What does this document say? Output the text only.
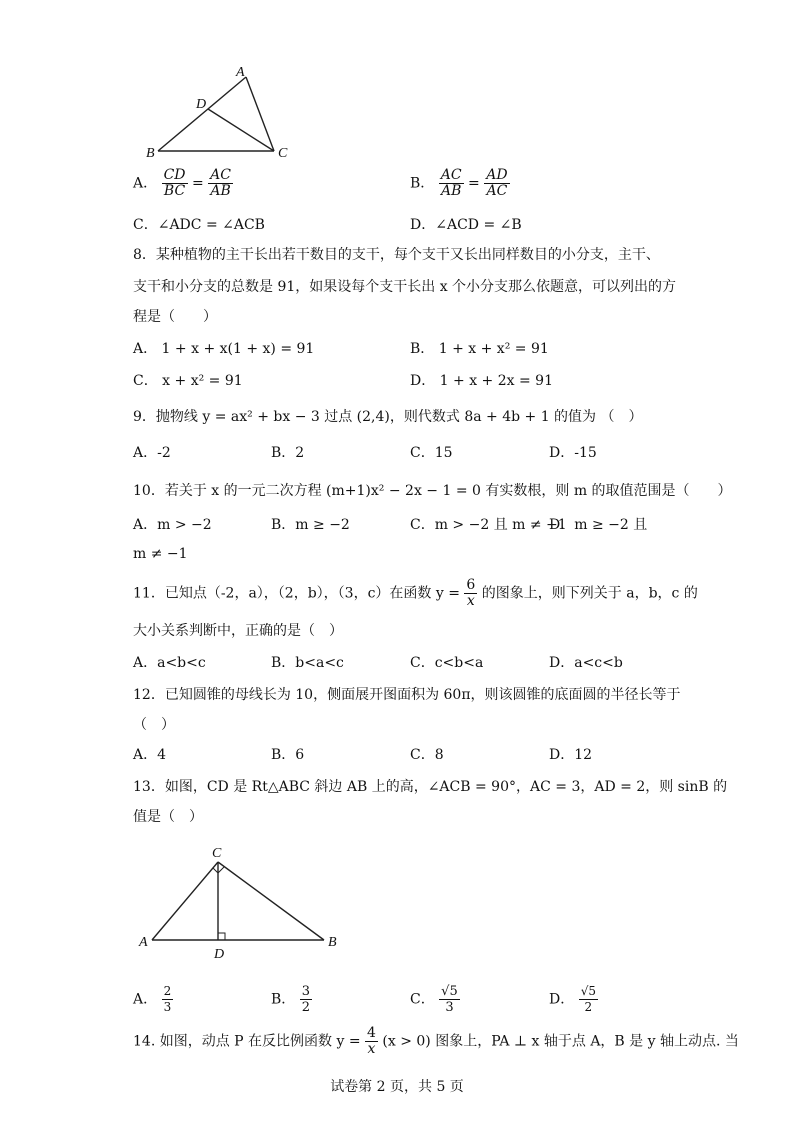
A
D
B	C
A． $\frac{CD}{BC} = \frac{AC}{AB}$	B． $\frac{AC}{AB} = \frac{AD}{AC}$
C．∠ADC = ∠ACB	D．∠ACD = ∠B
8．某种植物的主干长出若干数目的支干，每个支干又长出同样数目的小分支，主干、
支干和小分支的总数是 91，如果设每个支干长出 x 个小分支那么依题意，可以列出的方
程是（　　）
A． 1 + x + x(1 + x) = 91	B． 1 + x + x² = 91
C． x + x² = 91	D． 1 + x + 2x = 91
9．抛物线 y = ax² + bx − 3 过点 (2,4)，则代数式 8a + 4b + 1 的值为 （　）
A．-2	B．2	C．15	D．-15
10．若关于 x 的一元二次方程 (m+1)x² − 2x − 1 = 0 有实数根，则 m 的取值范围是（　　）
A．m > −2	B．m ≥ −2	C．m > −2 且 m ≠ −1
D．m ≥ −2 且
m ≠ −1
11．已知点（-2，a），（2，b），（3，c）在函数 $y = \frac{6}{x}$ 的图象上，则下列关于 a，b，c 的
大小关系判断中，正确的是（　）
A．a<b<c	B．b<a<c	C．c<b<a	D．a<c<b
12．已知圆锥的母线长为 10，侧面展开图面积为 60π，则该圆锥的底面圆的半径长等于
（　）
A．4	B．6	C．8	D．12
13．如图，CD 是 Rt△ABC 斜边 AB 上的高，∠ACB = 90°，AC = 3，AD = 2，则 sinB 的
值是（　）
C
A
D
B
A． $\frac{2}{3}$	B． $\frac{3}{2}$	C． $\frac{√5}{3}$	D． $\frac{√5}{2}$
14. 如图，动点 P 在反比例函数 $y = \frac{4}{x} (x > 0)$ 图象上，PA ⊥ x 轴于点 A，B 是 y 轴上动点. 当
试卷第 2 页，共 5 页
